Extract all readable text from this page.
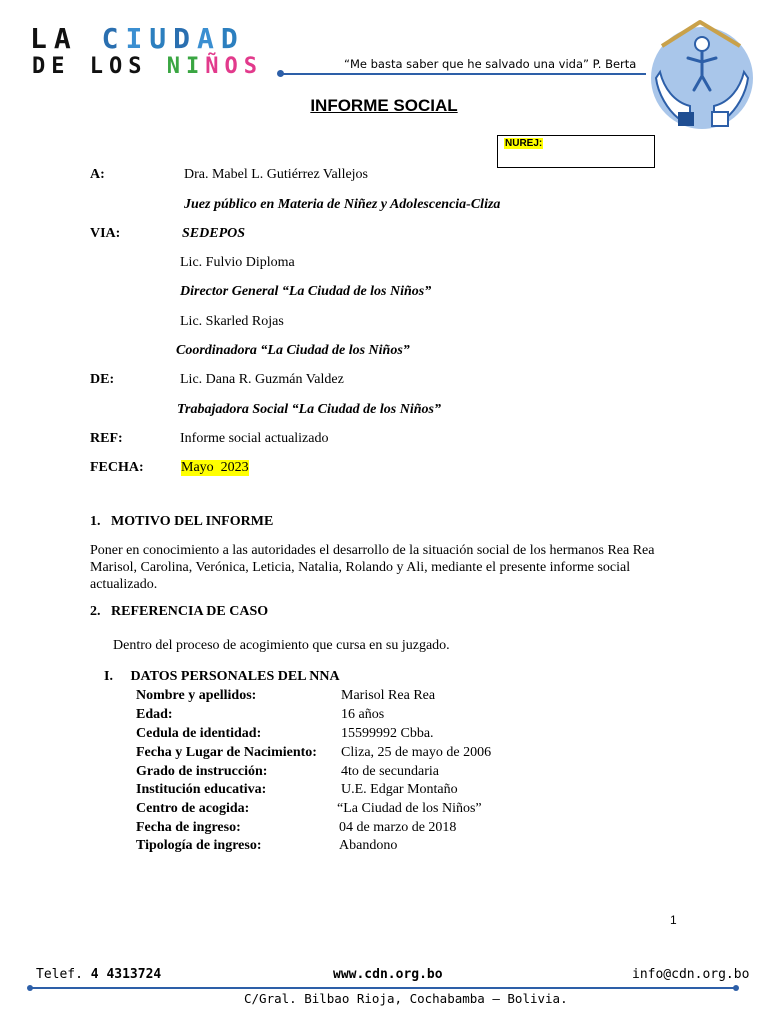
LA CIUDAD
DE LOS NIÑOS	“Me basta saber que he salvado una vida” P. Berta
INFORME SOCIAL
NUREJ:
A:	Dra. Mabel L. Gutiérrez Vallejos
Juez público en Materia de Niñez y Adolescencia-Cliza
VIA:	SEDEPOS
Lic. Fulvio Diploma
Director General “La Ciudad de los Niños”
Lic. Skarled Rojas
Coordinadora “La Ciudad de los Niños”
DE:	Lic. Dana R. Guzmán Valdez
Trabajadora Social “La Ciudad de los Niños”
REF:	Informe social actualizado
FECHA:	Mayo  2023
1.   MOTIVO DEL INFORME
Poner en conocimiento a las autoridades el desarrollo de la situación social de los hermanos Rea Rea Marisol, Carolina, Verónica, Leticia, Natalia, Rolando y Ali, mediante el presente informe social actualizado.
2.   REFERENCIA DE CASO
Dentro del proceso de acogimiento que cursa en su juzgado.
I.     DATOS PERSONALES DEL NNA
Nombre y apellidos:	Marisol Rea Rea
Edad:	16 años
Cedula de identidad:	15599992 Cbba.
Fecha y Lugar de Nacimiento: Cliza, 25 de mayo de 2006
Grado de instrucción:	4to de secundaria
Institución educativa:	U.E. Edgar Montaño
Centro de acogida:	“La Ciudad de los Niños”
Fecha de ingreso:	04 de marzo de 2018
Tipología de ingreso:	Abandono
1
Telef. 4 4313724	www.cdn.org.bo	info@cdn.org.bo
C/Gral. Bilbao Rioja, Cochabamba – Bolivia.
